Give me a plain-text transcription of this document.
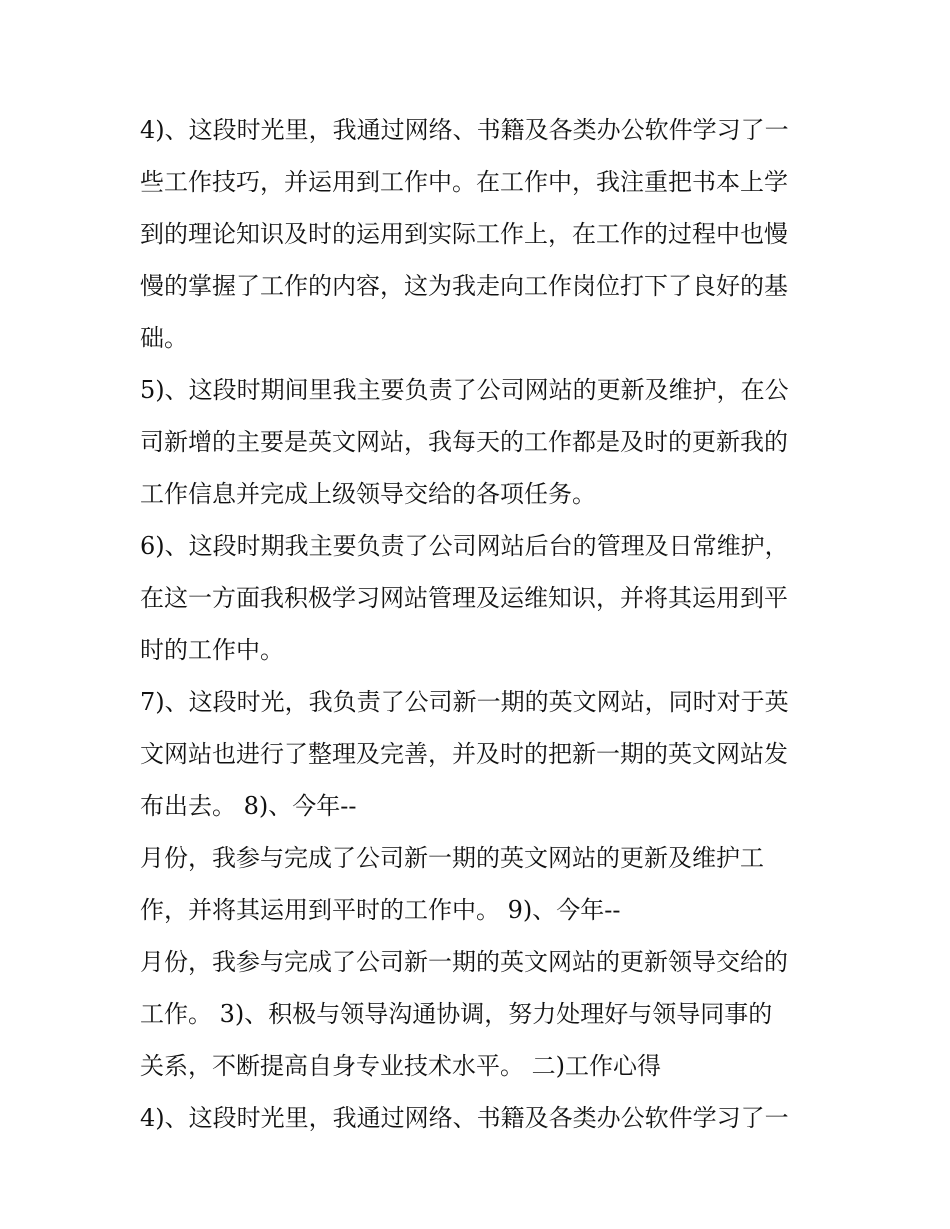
4)、这段时光里，我通过网络、书籍及各类办公软件学习了一
些工作技巧，并运用到工作中。在工作中，我注重把书本上学
到的理论知识及时的运用到实际工作上，在工作的过程中也慢
慢的掌握了工作的内容，这为我走向工作岗位打下了良好的基
础。
5)、这段时期间里我主要负责了公司网站的更新及维护，在公
司新增的主要是英文网站，我每天的工作都是及时的更新我的
工作信息并完成上级领导交给的各项任务。
6)、这段时期我主要负责了公司网站后台的管理及日常维护，
在这一方面我积极学习网站管理及运维知识，并将其运用到平
时的工作中。
7)、这段时光，我负责了公司新一期的英文网站，同时对于英
文网站也进行了整理及完善，并及时的把新一期的英文网站发
布出去。 8)、今年--
月份，我参与完成了公司新一期的英文网站的更新及维护工
作，并将其运用到平时的工作中。 9)、今年--
月份，我参与完成了公司新一期的英文网站的更新领导交给的
工作。 3)、积极与领导沟通协调，努力处理好与领导同事的
关系，不断提高自身专业技术水平。 二)工作心得
4)、这段时光里，我通过网络、书籍及各类办公软件学习了一
